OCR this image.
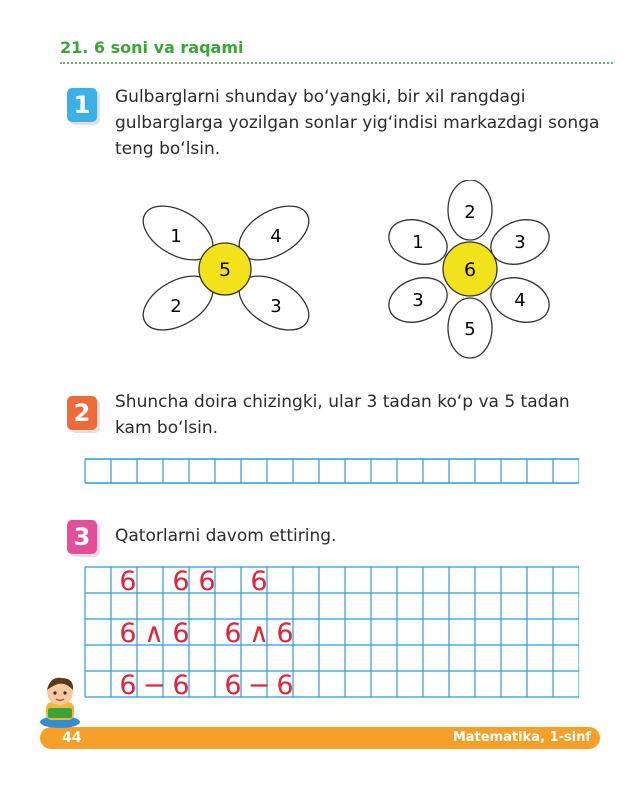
21. 6 soni va raqami
1	Gulbarglarni shunday bo‘yangki, bir xil rangdagi gulbarglarga yozilgan sonlar yig‘indisi markazdagi songa teng bo‘lsin.
1	4
2	3
5
2
1	3
3	4
5
6
2	Shuncha doira chizingki, ular 3 tadan ko‘p va 5 tadan kam bo‘lsin.
3	Qatorlarni davom ettiring.
6 6 6 6
6 ∧ 6 6 ∧ 6
6 − 6 6 − 6
44	Matematika, 1-sinf
